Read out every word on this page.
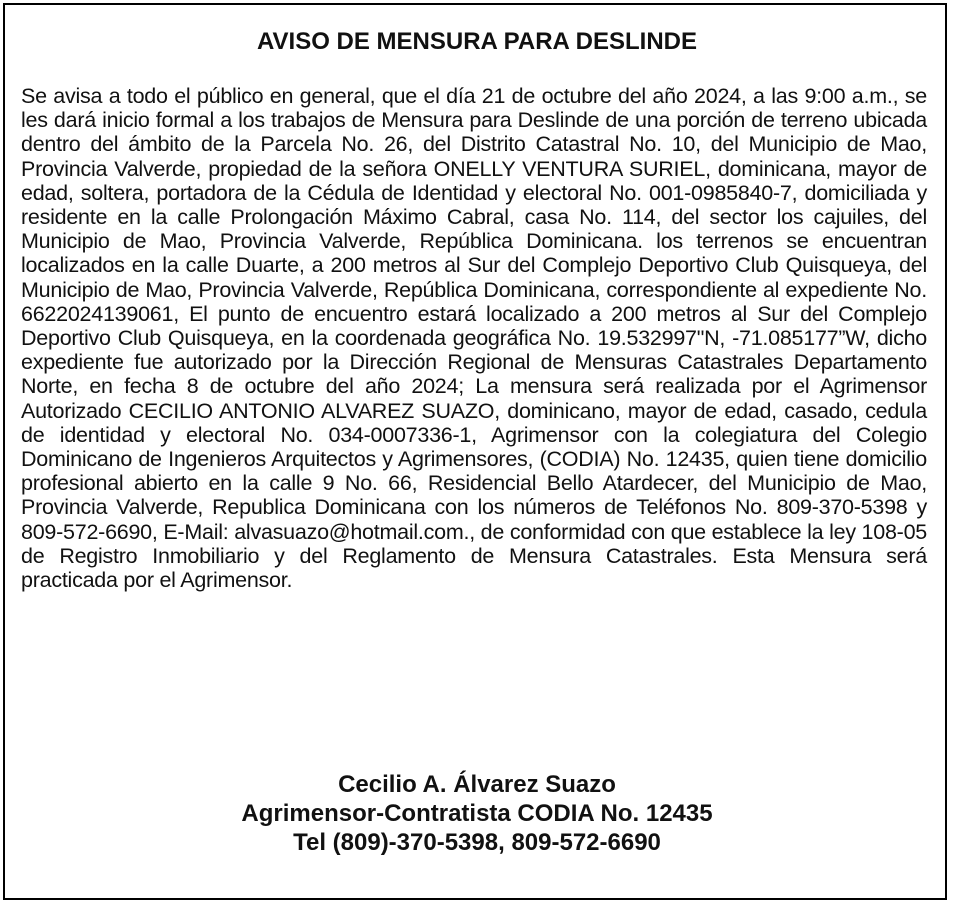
AVISO DE MENSURA PARA DESLINDE

Se avisa a todo el público en general, que el día 21 de octubre del año 2024, a las 9:00 a.m., se les dará inicio formal a los trabajos de Mensura para Deslinde de una porción de terreno ubicada dentro del ámbito de la Parcela No. 26, del Distrito Catastral No. 10, del Municipio de Mao, Provincia Valverde, propiedad de la señora ONELLY VENTURA SURIEL, dominicana, mayor de edad, soltera, portadora de la Cédula de Identidad y electoral No. 001-0985840-7, domiciliada y residente en la calle Prolongación Máximo Cabral, casa No. 114, del sector los cajuiles, del Municipio de Mao, Provincia Valverde, República Dominicana. los terrenos se encuentran localizados en la calle Duarte, a 200 metros al Sur del Complejo Deportivo Club Quisqueya, del Municipio de Mao, Provincia Valverde, República Dominicana, correspondiente al expediente No. 6622024139061, El punto de encuentro estará localizado a 200 metros al Sur del Complejo Deportivo Club Quisqueya, en la coordenada geográfica No. 19.532997"N, -71.085177”W, dicho expediente fue autorizado por la Dirección Regional de Mensuras Catastrales Departamento Norte, en fecha 8 de octubre del año 2024; La mensura será realizada por el Agrimensor Autorizado CECILIO ANTONIO ALVAREZ SUAZO, dominicano, mayor de edad, casado, cedula de identidad y electoral No. 034-0007336-1, Agrimensor con la colegiatura del Colegio Dominicano de Ingenieros Arquitectos y Agrimensores, (CODIA) No. 12435, quien tiene domicilio profesional abierto en la calle 9 No. 66, Residencial Bello Atardecer, del Municipio de Mao, Provincia Valverde, Republica Dominicana con los números de Teléfonos No. 809-370-5398 y 809-572-6690, E-Mail: alvasuazo@hotmail.com., de conformidad con que establece la ley 108-05 de Registro Inmobiliario y del Reglamento de Mensura Catastrales. Esta Mensura será practicada por el Agrimensor.

Cecilio A. Álvarez Suazo
Agrimensor-Contratista CODIA No. 12435
Tel (809)-370-5398, 809-572-6690
